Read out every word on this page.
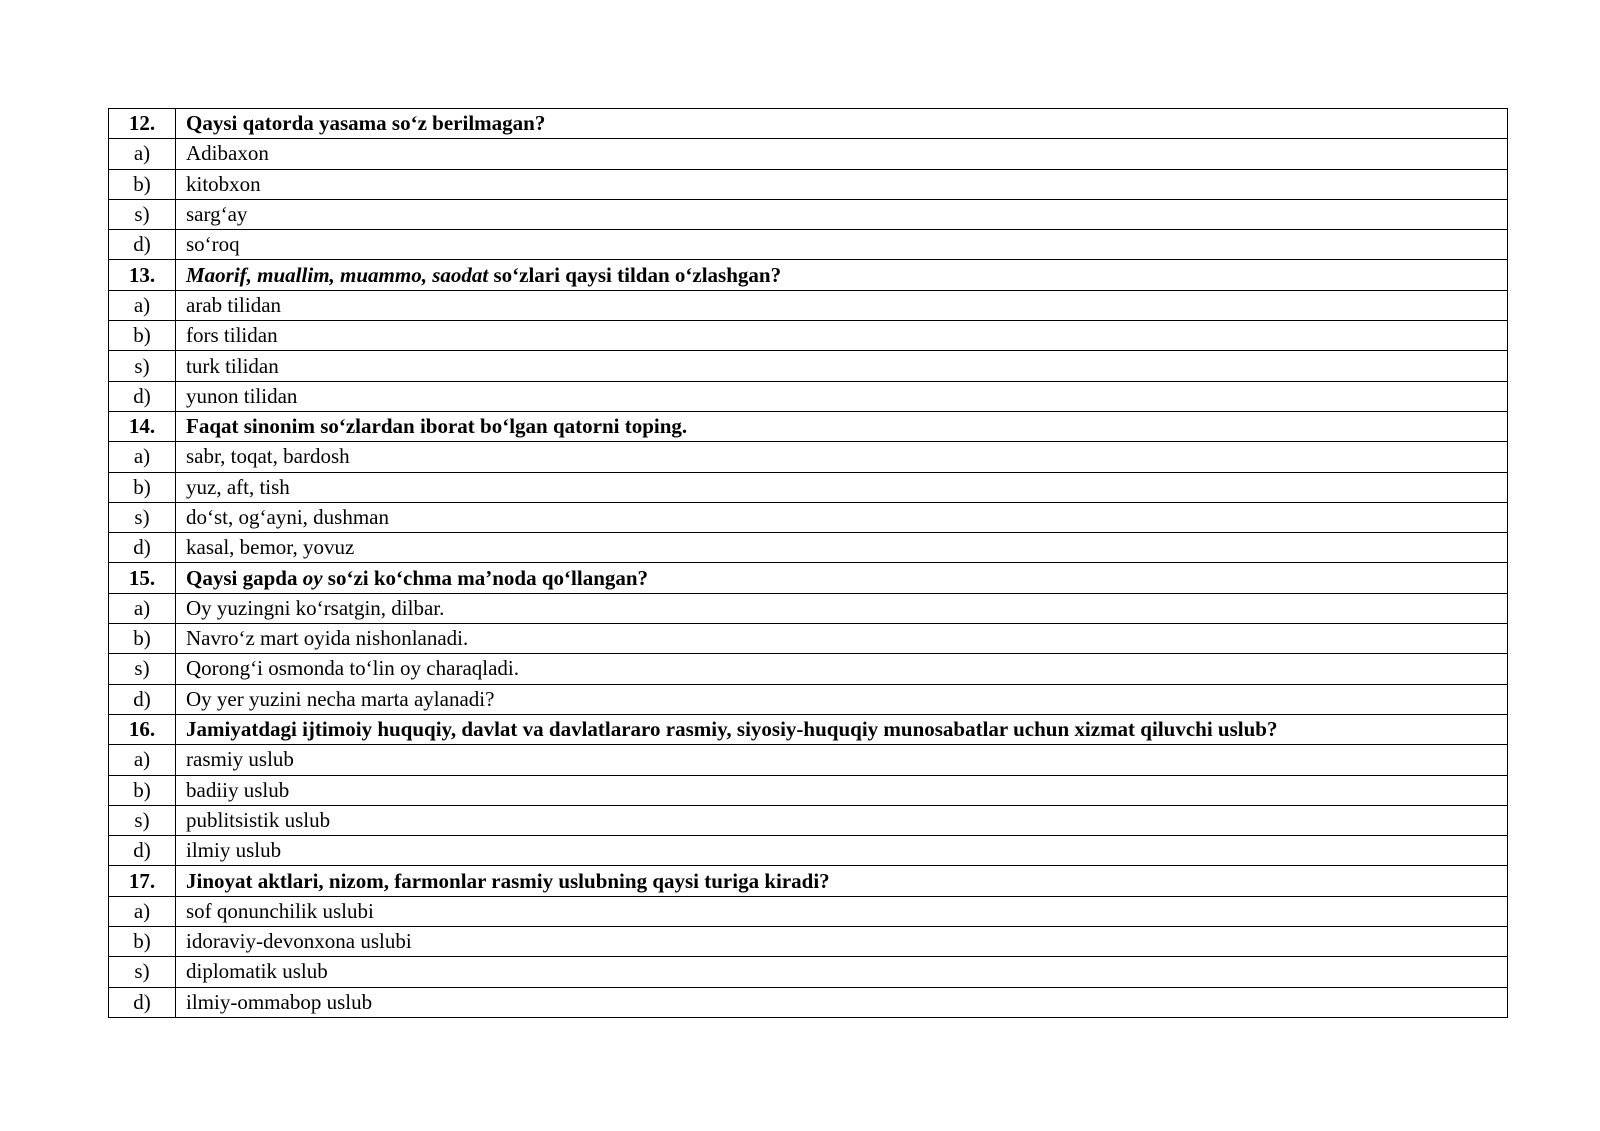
12.	Qaysi qatorda yasama so‘z berilmagan?
a)	Adibaxon
b)	kitobxon
s)	sarg‘ay
d)	so‘roq
13.	Maorif, muallim, muammo, saodat so‘zlari qaysi tildan o‘zlashgan?
a)	arab tilidan
b)	fors tilidan
s)	turk tilidan
d)	yunon tilidan
14.	Faqat sinonim so‘zlardan iborat bo‘lgan qatorni toping.
a)	sabr, toqat, bardosh
b)	yuz, aft, tish
s)	do‘st, og‘ayni, dushman
d)	kasal, bemor, yovuz
15.	Qaysi gapda oy so‘zi ko‘chma ma’noda qo‘llangan?
a)	Oy yuzingni ko‘rsatgin, dilbar.
b)	Navro‘z mart oyida nishonlanadi.
s)	Qorong‘i osmonda to‘lin oy charaqladi.
d)	Oy yer yuzini necha marta aylanadi?
16.	Jamiyatdagi ijtimoiy huquqiy, davlat va davlatlararo rasmiy, siyosiy-huquqiy munosabatlar uchun xizmat qiluvchi uslub?
a)	rasmiy uslub
b)	badiiy uslub
s)	publitsistik uslub
d)	ilmiy uslub
17.	Jinoyat aktlari, nizom, farmonlar rasmiy uslubning qaysi turiga kiradi?
a)	sof qonunchilik uslubi
b)	idoraviy-devonxona uslubi
s)	diplomatik uslub
d)	ilmiy-ommabop uslub
